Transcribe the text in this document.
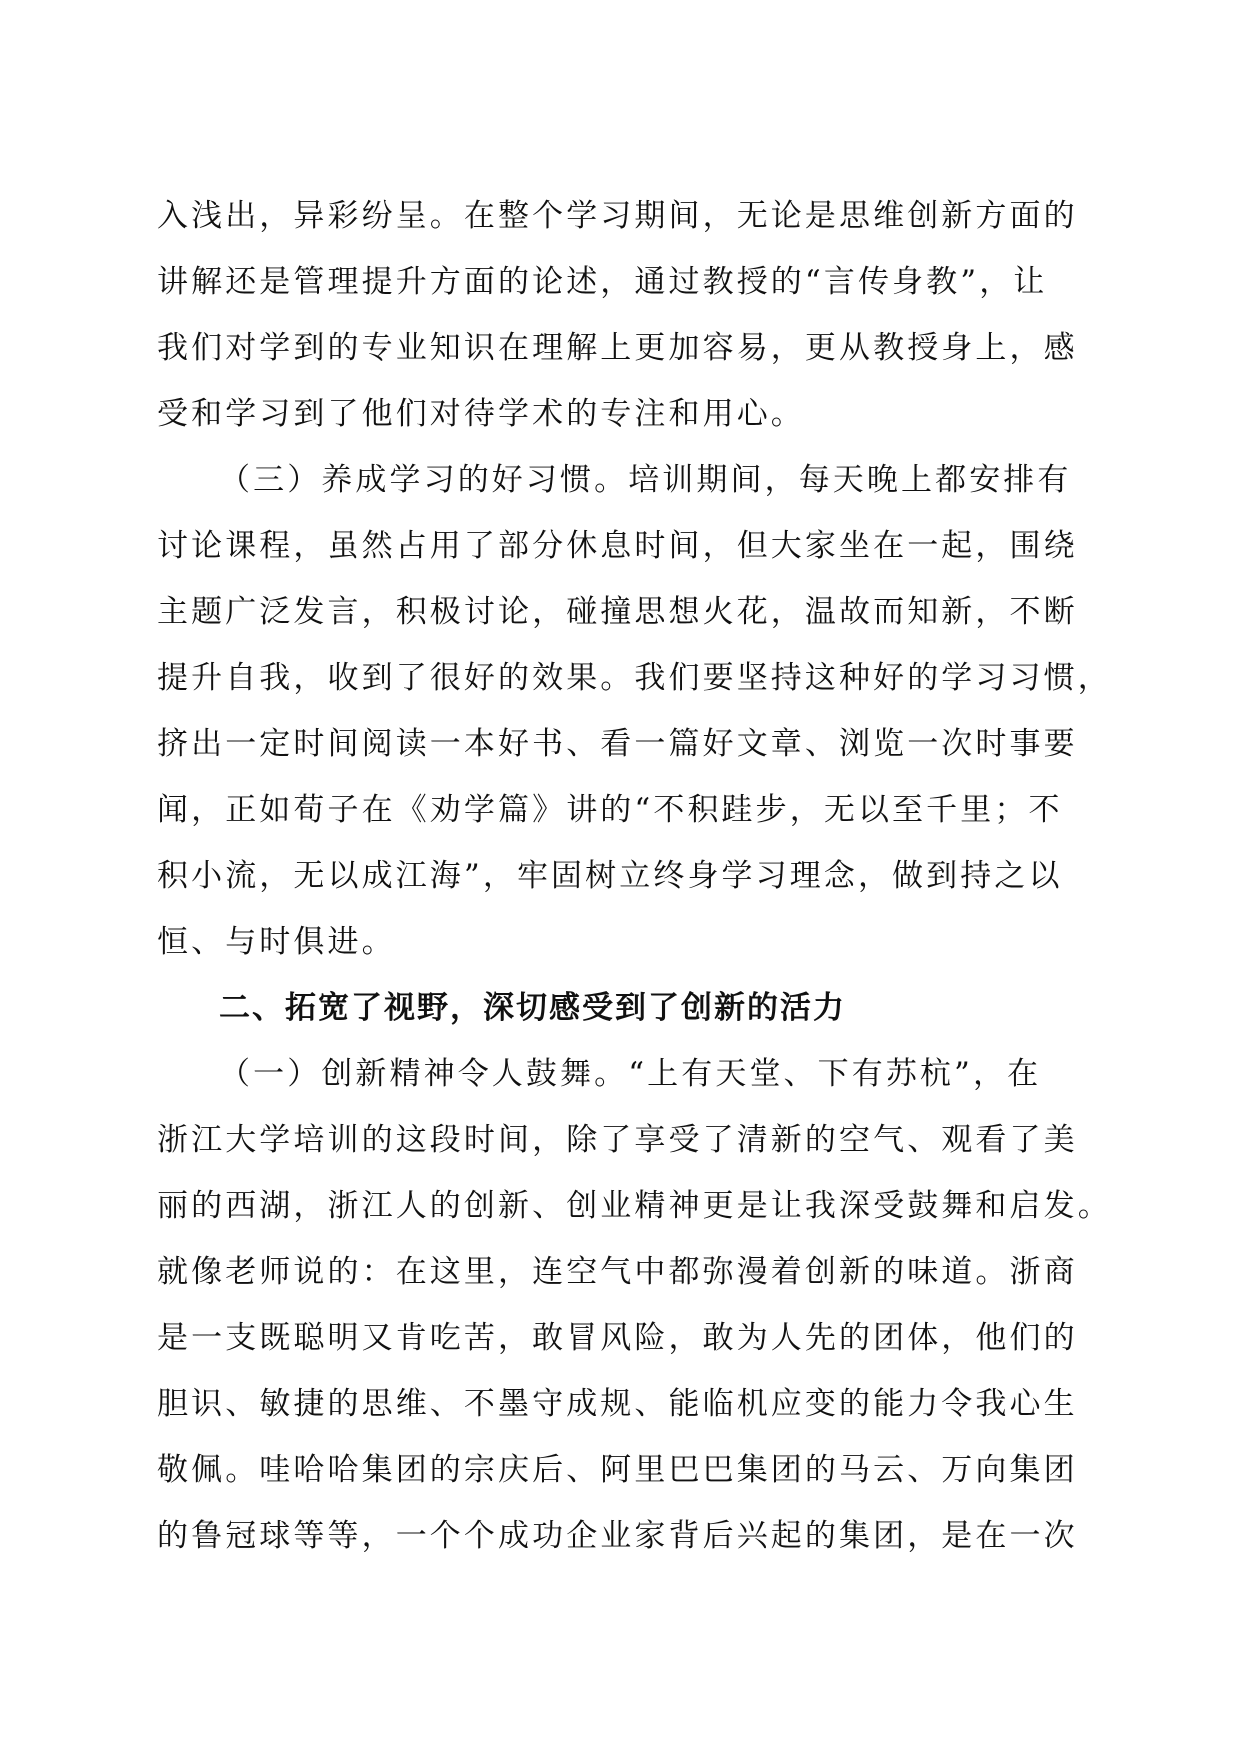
入浅出，异彩纷呈。在整个学习期间，无论是思维创新方面的
讲解还是管理提升方面的论述，通过教授的“言传身教”，让
我们对学到的专业知识在理解上更加容易，更从教授身上，感
受和学习到了他们对待学术的专注和用心。
（三）养成学习的好习惯。培训期间，每天晚上都安排有
讨论课程，虽然占用了部分休息时间，但大家坐在一起，围绕
主题广泛发言，积极讨论，碰撞思想火花，温故而知新，不断
提升自我，收到了很好的效果。我们要坚持这种好的学习习惯，
挤出一定时间阅读一本好书、看一篇好文章、浏览一次时事要
闻，正如荀子在《劝学篇》讲的“不积跬步，无以至千里；不
积小流，无以成江海”，牢固树立终身学习理念，做到持之以
恒、与时俱进。
二、拓宽了视野，深切感受到了创新的活力
（一）创新精神令人鼓舞。“上有天堂、下有苏杭”，在
浙江大学培训的这段时间，除了享受了清新的空气、观看了美
丽的西湖，浙江人的创新、创业精神更是让我深受鼓舞和启发。
就像老师说的：在这里，连空气中都弥漫着创新的味道。浙商
是一支既聪明又肯吃苦，敢冒风险，敢为人先的团体，他们的
胆识、敏捷的思维、不墨守成规、能临机应变的能力令我心生
敬佩。哇哈哈集团的宗庆后、阿里巴巴集团的马云、万向集团
的鲁冠球等等，一个个成功企业家背后兴起的集团，是在一次
